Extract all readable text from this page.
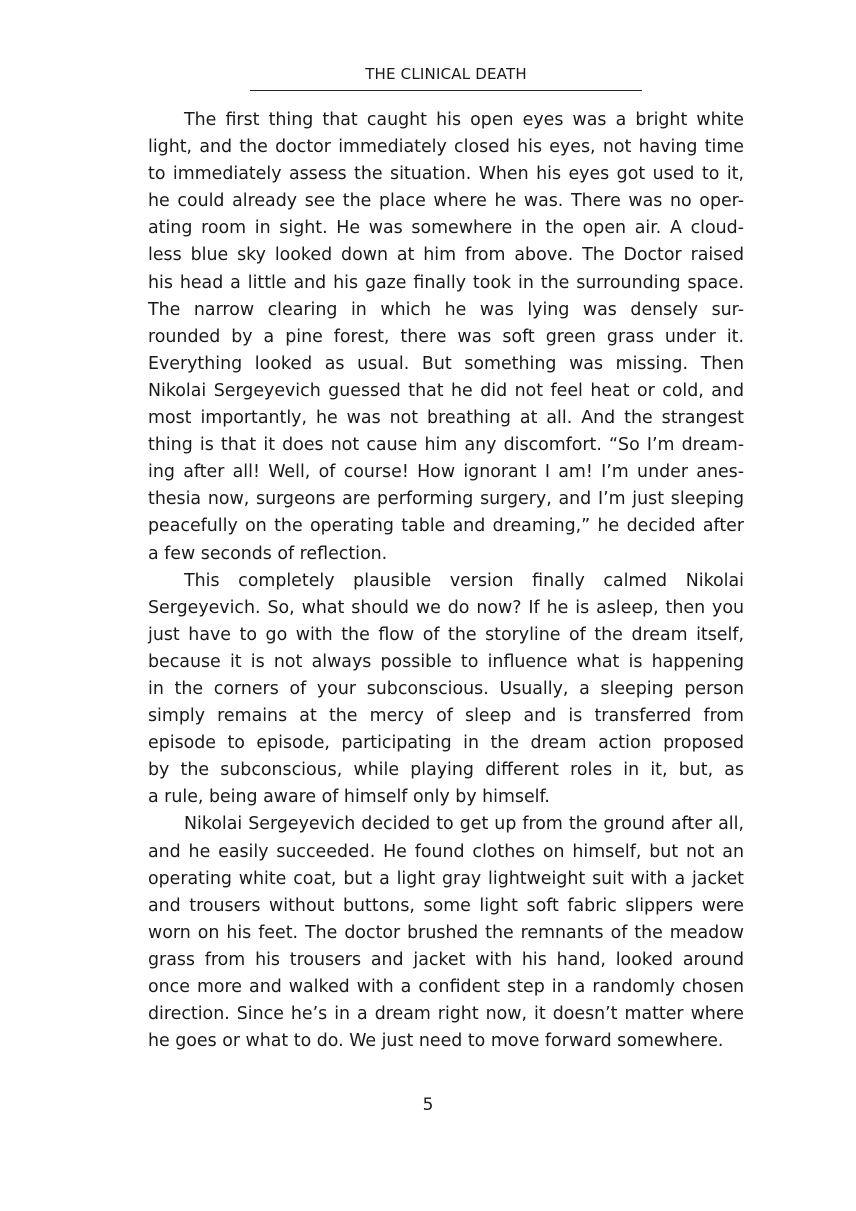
THE CLINICAL DEATH

The first thing that caught his open eyes was a bright white
light, and the doctor immediately closed his eyes, not having time
to immediately assess the situation. When his eyes got used to it,
he could already see the place where he was. There was no oper-
ating room in sight. He was somewhere in the open air. A cloud-
less blue sky looked down at him from above. The Doctor raised
his head a little and his gaze finally took in the surrounding space.
The narrow clearing in which he was lying was densely sur-
rounded by a pine forest, there was soft green grass under it.
Everything looked as usual. But something was missing. Then
Nikolai Sergeyevich guessed that he did not feel heat or cold, and
most importantly, he was not breathing at all. And the strangest
thing is that it does not cause him any discomfort. “So I’m dream-
ing after all! Well, of course! How ignorant I am! I’m under anes-
thesia now, surgeons are performing surgery, and I’m just sleeping
peacefully on the operating table and dreaming,” he decided after
a few seconds of reflection.

This completely plausible version finally calmed Nikolai
Sergeyevich. So, what should we do now? If he is asleep, then you
just have to go with the flow of the storyline of the dream itself,
because it is not always possible to influence what is happening
in the corners of your subconscious. Usually, a sleeping person
simply remains at the mercy of sleep and is transferred from
episode to episode, participating in the dream action proposed
by the subconscious, while playing different roles in it, but, as
a rule, being aware of himself only by himself.

Nikolai Sergeyevich decided to get up from the ground after all,
and he easily succeeded. He found clothes on himself, but not an
operating white coat, but a light gray lightweight suit with a jacket
and trousers without buttons, some light soft fabric slippers were
worn on his feet. The doctor brushed the remnants of the meadow
grass from his trousers and jacket with his hand, looked around
once more and walked with a confident step in a randomly chosen
direction. Since he’s in a dream right now, it doesn’t matter where
he goes or what to do. We just need to move forward somewhere.

5
